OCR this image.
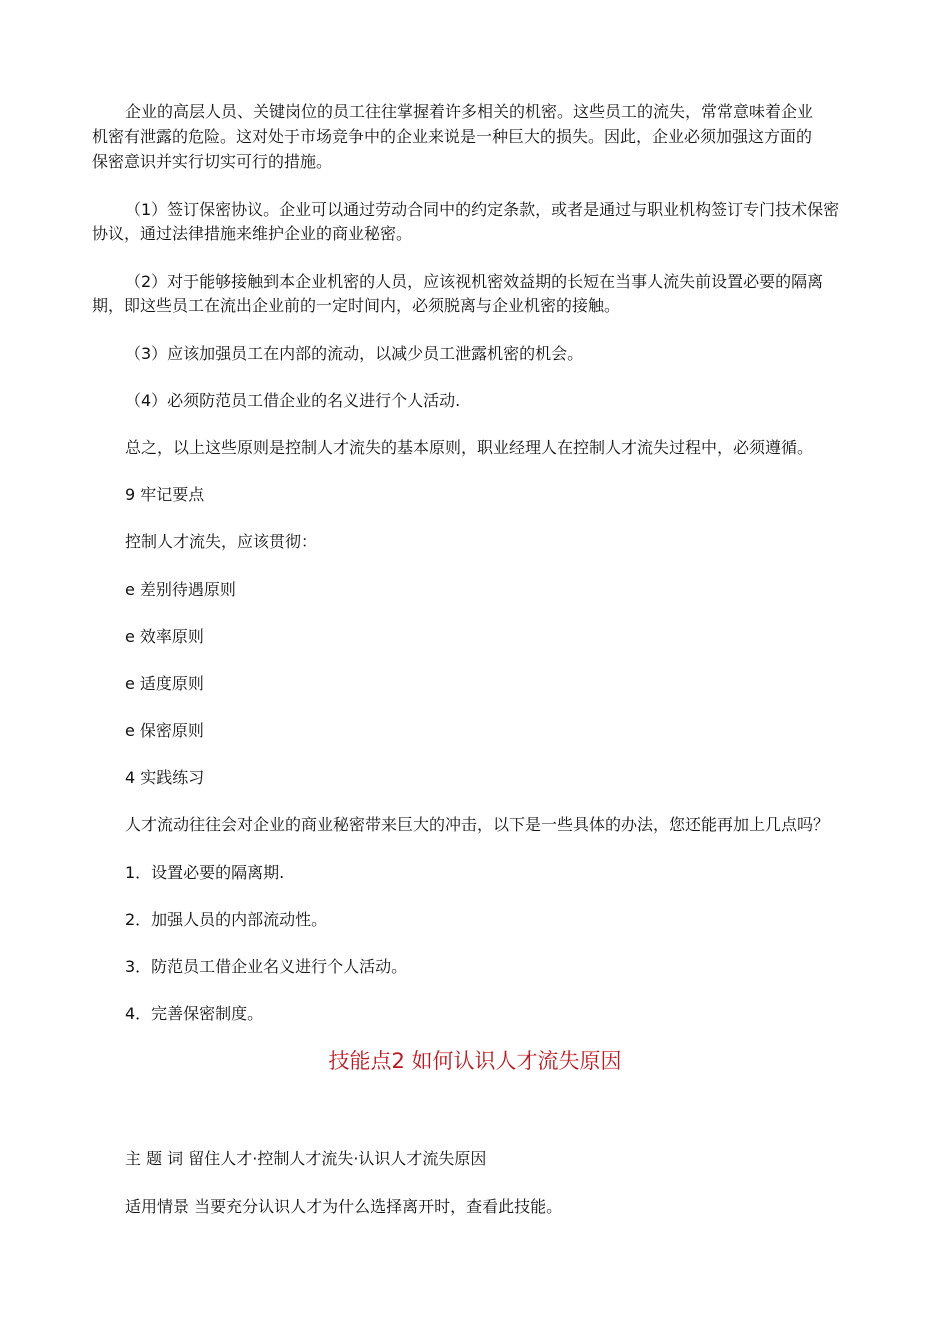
企业的高层人员、关键岗位的员工往往掌握着许多相关的机密。这些员工的流失，常常意味着企业
机密有泄露的危险。这对处于市场竞争中的企业来说是一种巨大的损失。因此，企业必须加强这方面的
保密意识并实行切实可行的措施。
（1）签订保密协议。企业可以通过劳动合同中的约定条款，或者是通过与职业机构签订专门技术保密
协议，通过法律措施来维护企业的商业秘密。
（2）对于能够接触到本企业机密的人员，应该视机密效益期的长短在当事人流失前设置必要的隔离
期，即这些员工在流出企业前的一定时间内，必须脱离与企业机密的接触。
（3）应该加强员工在内部的流动，以减少员工泄露机密的机会。
（4）必须防范员工借企业的名义进行个人活动.
总之，以上这些原则是控制人才流失的基本原则，职业经理人在控制人才流失过程中，必须遵循。
9 牢记要点
控制人才流失，应该贯彻：
e 差别待遇原则
e 效率原则
e 适度原则
e 保密原则
4 实践练习
人才流动往往会对企业的商业秘密带来巨大的冲击，以下是一些具体的办法，您还能再加上几点吗？
1．设置必要的隔离期.
2．加强人员的内部流动性。
3．防范员工借企业名义进行个人活动。
4．完善保密制度。
技能点2 如何认识人才流失原因
主 题 词 留住人才·控制人才流失·认识人才流失原因
适用情景 当要充分认识人才为什么选择离开时，查看此技能。
